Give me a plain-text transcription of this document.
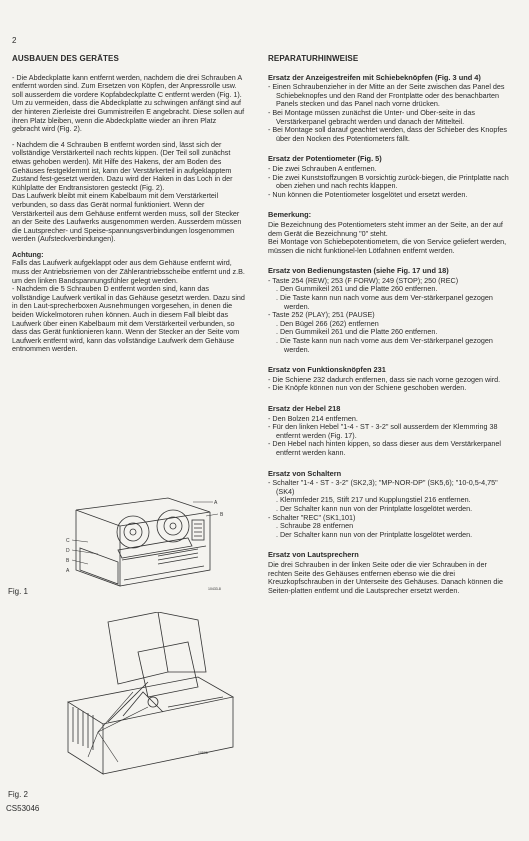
2
AUSBAUEN DES GERÄTES

- Die Abdeckplatte kann entfernt werden, nachdem die drei Schrauben A entfernt worden sind. Zum Ersetzen von Köpfen, der Anpressrolle usw. soll ausserdem die vordere Kopfabdeckplatte C entfernt werden (Fig. 1).

Um zu vermeiden, dass die Abdeckplatte zu schwingen anfängt sind auf der hinteren Zierleiste drei Gummistreifen E angebracht. Diese sollen auf ihren Platz bleiben, wenn die Abdeckplatte wieder an ihren Platz gebracht wird (Fig. 2).

- Nachdem die 4 Schrauben B entfernt worden sind, lässt sich der vollständige Verstärkerteil nach rechts kippen. (Der Teil soll zunächst etwas gehoben werden). Mit Hilfe des Hakens, der am Boden des Gehäuses festgeklemmt ist, kann der Verstärkerteil in aufgeklapptem Zustand fest-gesetzt werden. Dazu wird der Haken in das Loch in der Kühlplatte der Endtransistoren gesteckt (Fig. 2).

Das Laufwerk bleibt mit einem Kabelbaum mit dem Verstärkerteil verbunden, so dass das Gerät normal funktioniert. Wenn der Verstärkerteil aus dem Gehäuse entfernt werden muss, soll der Stecker an der Seite des Laufwerks ausgenommen werden. Ausserdem müssen die Lautsprecher- und Speise-spannungsverbindungen losgenommen werden (Aufsteckverbindungen).

Achtung:

Falls das Laufwerk aufgeklappt oder aus dem Gehäuse entfernt wird, muss der Antriebsriemen von der Zählerantriebsscheibe entfernt und z.B. um den linken Bandspannungsfühler gelegt werden.

- Nachdem die 5 Schrauben D entfernt worden sind, kann das vollständige Laufwerk vertikal in das Gehäuse gesetzt werden. Dazu sind in den Laut-sprecherboxen Ausnehmungen vorgesehen, in denen die beiden Wickelmotoren ruhen können. Auch in diesem Fall bleibt das Laufwerk über einen Kabelbaum mit dem Verstärkerteil verbunden, so dass das Gerät funktionieren kann. Wenn der Stecker an der Seite vom Laufwerk entfernt wird, kann das vollständige Laufwerk dem Gehäuse entnommen werden.

A
B
C
D
B
A
10433-8
Fig. 1
10506
Fig. 2
CS53046
REPARATURHINWEISE
Ersatz der Anzeigestreifen mit Schiebeknöpfen (Fig. 3 und 4)
- Einen Schraubenzieher in der Mitte an der Seite zwischen das Panel des Schiebeknopfes und den Rand der Frontplatte oder des benachbarten Panels stecken und das Panel nach vorne drücken.
- Bei Montage müssen zunächst die Unter- und Ober-seite in das Verstärkerpanel gebracht werden und danach der Mittelteil.
- Bei Montage soll darauf geachtet werden, dass der Schieber des Knopfes über den Nocken des Potentiometers fällt.
Ersatz der Potentiometer (Fig. 5)
- Die zwei Schrauben A entfernen.
- Die zwei Kunststoffzungen B vorsichtig zurück-biegen, die Printplatte nach oben ziehen und nach rechts klappen.
- Nun können die Potentiometer losgelötet und ersetzt werden.
Bemerkung:

Die Bezeichnung des Potentiometers steht immer an der Seite, an der auf dem Gerät die Bezeichnung "0" steht.

Bei Montage von Schiebepotentiometern, die von Service geliefert werden, müssen die nicht funktionel-len Lötfahnen entfernt werden.

Ersatz von Bedienungstasten (siehe Fig. 17 und 18)
- Taste 254 (REW); 253 (F FORW); 249 (STOP); 250 (REC)
. Den Gummikeil 261 und die Platte 260 entfernen.
. Die Taste kann nun nach vorne aus dem Ver-stärkerpanel gezogen werden.
- Taste 252 (PLAY); 251 (PAUSE)
. Den Bügel 266 (262) entfernen
. Den Gummikeil 261 und die Platte 260 entfernen.
. Die Taste kann nun nach vorne aus dem Ver-stärkerpanel gezogen werden.
Ersatz von Funktionsknöpfen 231
- Die Schiene 232 dadurch entfernen, dass sie nach vorne gezogen wird.
- Die Knöpfe können nun von der Schiene geschoben werden.
Ersatz der Hebel 218
- Den Bolzen 214 entfernen.
- Für den linken Hebel "1-4 - ST - 3-2" soll ausserdem der Klemmring 38 entfernt werden (Fig. 17).
- Den Hebel nach hinten kippen, so dass dieser aus dem Verstärkerpanel entfernt werden kann.
Ersatz von Schaltern
- Schalter "1-4 - ST - 3-2" (SK2,3); "MP-NOR-DP" (SK5,6); "10-0,5-4,75" (SK4)
. Klemmfeder 215, Stift 217 und Kupplungstiel 216 entfernen.
. Der Schalter kann nun von der Printplatte losgelötet werden.
- Schalter "REC" (SK1,101)
. Schraube 28 entfernen
. Der Schalter kann nun von der Printplatte losgelötet werden.
Ersatz von Lautsprechern

Die drei Schrauben in der linken Seite oder die vier Schrauben in der rechten Seite des Gehäuses entfernen ebenso wie die drei Kreuzkopfschrauben in der Unterseite des Gehäuses. Danach können die Seiten-platten entfernt und die Lautsprecher ersetzt werden.
